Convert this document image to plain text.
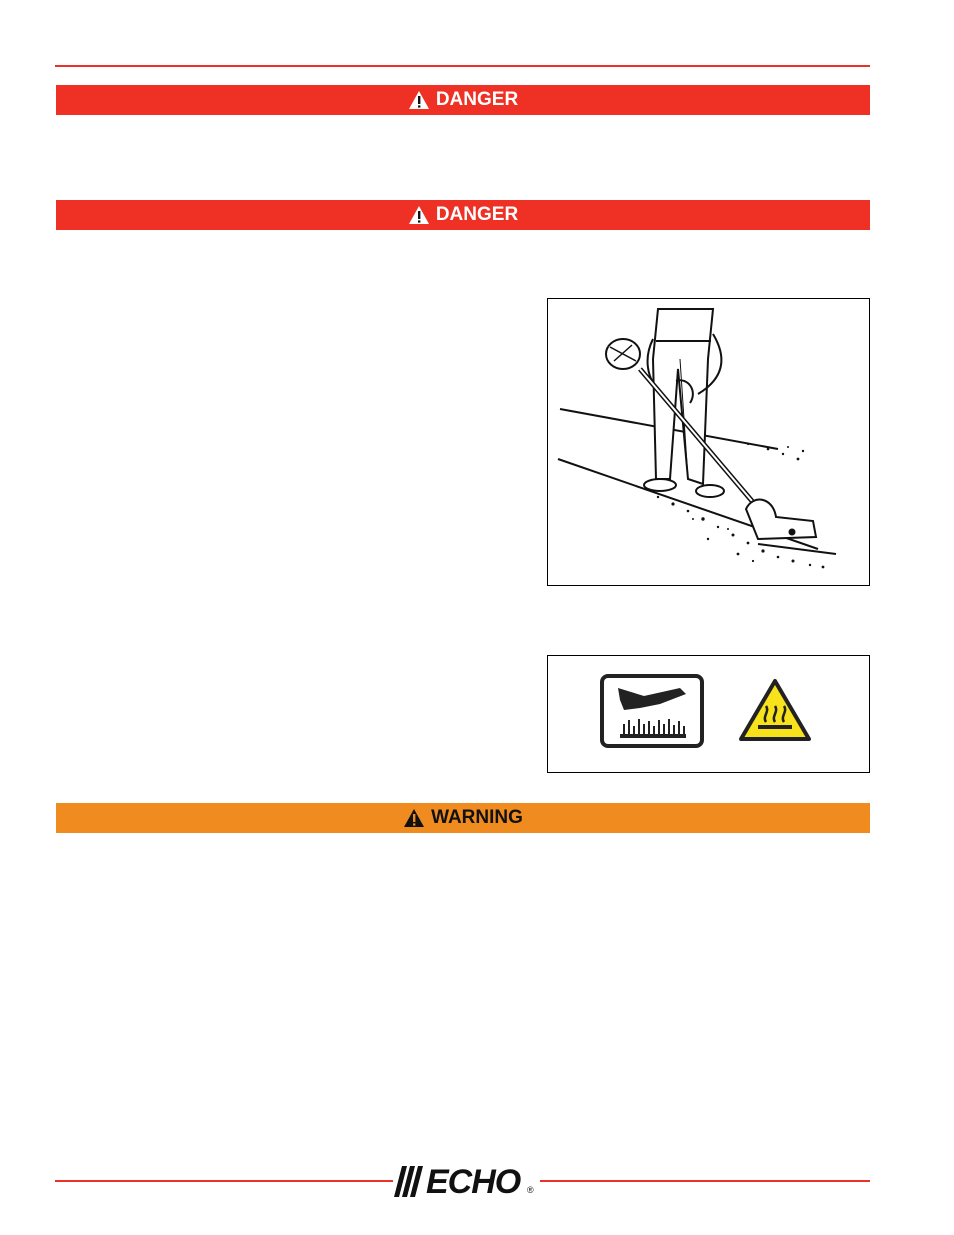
DANGER
DANGER
WARNING
ECHO ®
